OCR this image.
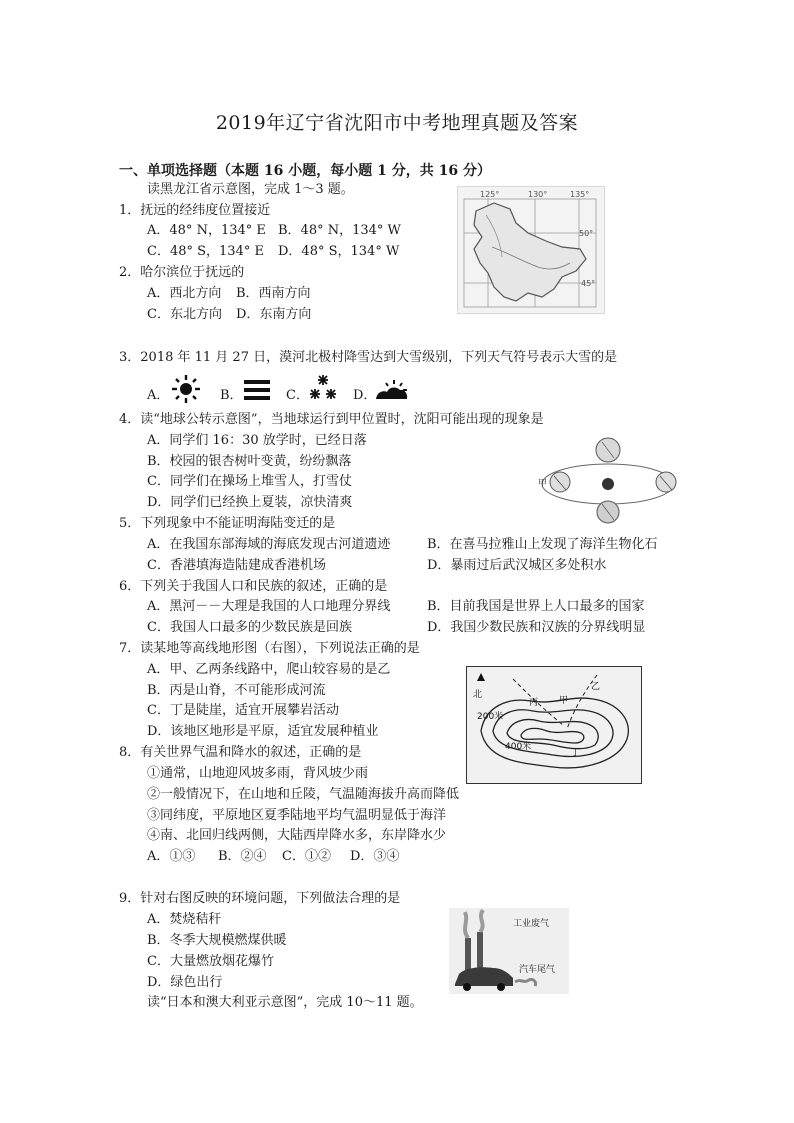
2019年辽宁省沈阳市中考地理真题及答案
一、单项选择题（本题 16 小题，每小题 1 分，共 16 分）
读黑龙江省示意图，完成 1～3 题。
1．抚远的经纬度位置接近
A．48° N，134° E B．48° N，134° W
C．48° S，134° E D．48° S，134° W
2．哈尔滨位于抚远的
A．西北方向 B．西南方向
C．东北方向 D．东南方向
125°	130°	135°
50°
45°
3．2018 年 11 月 27 日，漠河北极村降雪达到大雪级别，下列天气符号表示大雪的是
A．	B．	C．	D．
4．读“地球公转示意图”，当地球运行到甲位置时，沈阳可能出现的现象是
A．同学们 16：30 放学时，已经日落
B．校园的银杏树叶变黄，纷纷飘落
C．同学们在操场上堆雪人，打雪仗
D．同学们已经换上夏装，凉快清爽
甲
5．下列现象中不能证明海陆变迁的是
A．在我国东部海域的海底发现古河道遗迹	B．在喜马拉雅山上发现了海洋生物化石
C．香港填海造陆建成香港机场	D．暴雨过后武汉城区多处积水
6．下列关于我国人口和民族的叙述，正确的是
A．黑河－－大理是我国的人口地理分界线	B．目前我国是世界上人口最多的国家
C．我国人口最多的少数民族是回族	D．我国少数民族和汉族的分界线明显
7．读某地等高线地形图（右图），下列说法正确的是
A．甲、乙两条线路中，爬山较容易的是乙
B．丙是山脊，不可能形成河流
C．丁是陡崖，适宜开展攀岩活动
D．该地区地形是平原，适宜发展种植业
北
200米
400米
丙 甲
乙
丁
8．有关世界气温和降水的叙述，正确的是
①通常，山地迎风坡多雨，背风坡少雨
②一般情况下，在山地和丘陵，气温随海拔升高而降低
③同纬度，平原地区夏季陆地平均气温明显低于海洋
④南、北回归线两侧，大陆西岸降水多，东岸降水少
A．①③ B．②④ C．①② D．③④
9．针对右图反映的环境问题，下列做法合理的是
A．焚烧秸秆
B．冬季大规模燃煤供暖
C．大量燃放烟花爆竹
D．绿色出行
工业废气
汽车尾气
读“日本和澳大利亚示意图”，完成 10～11 题。
